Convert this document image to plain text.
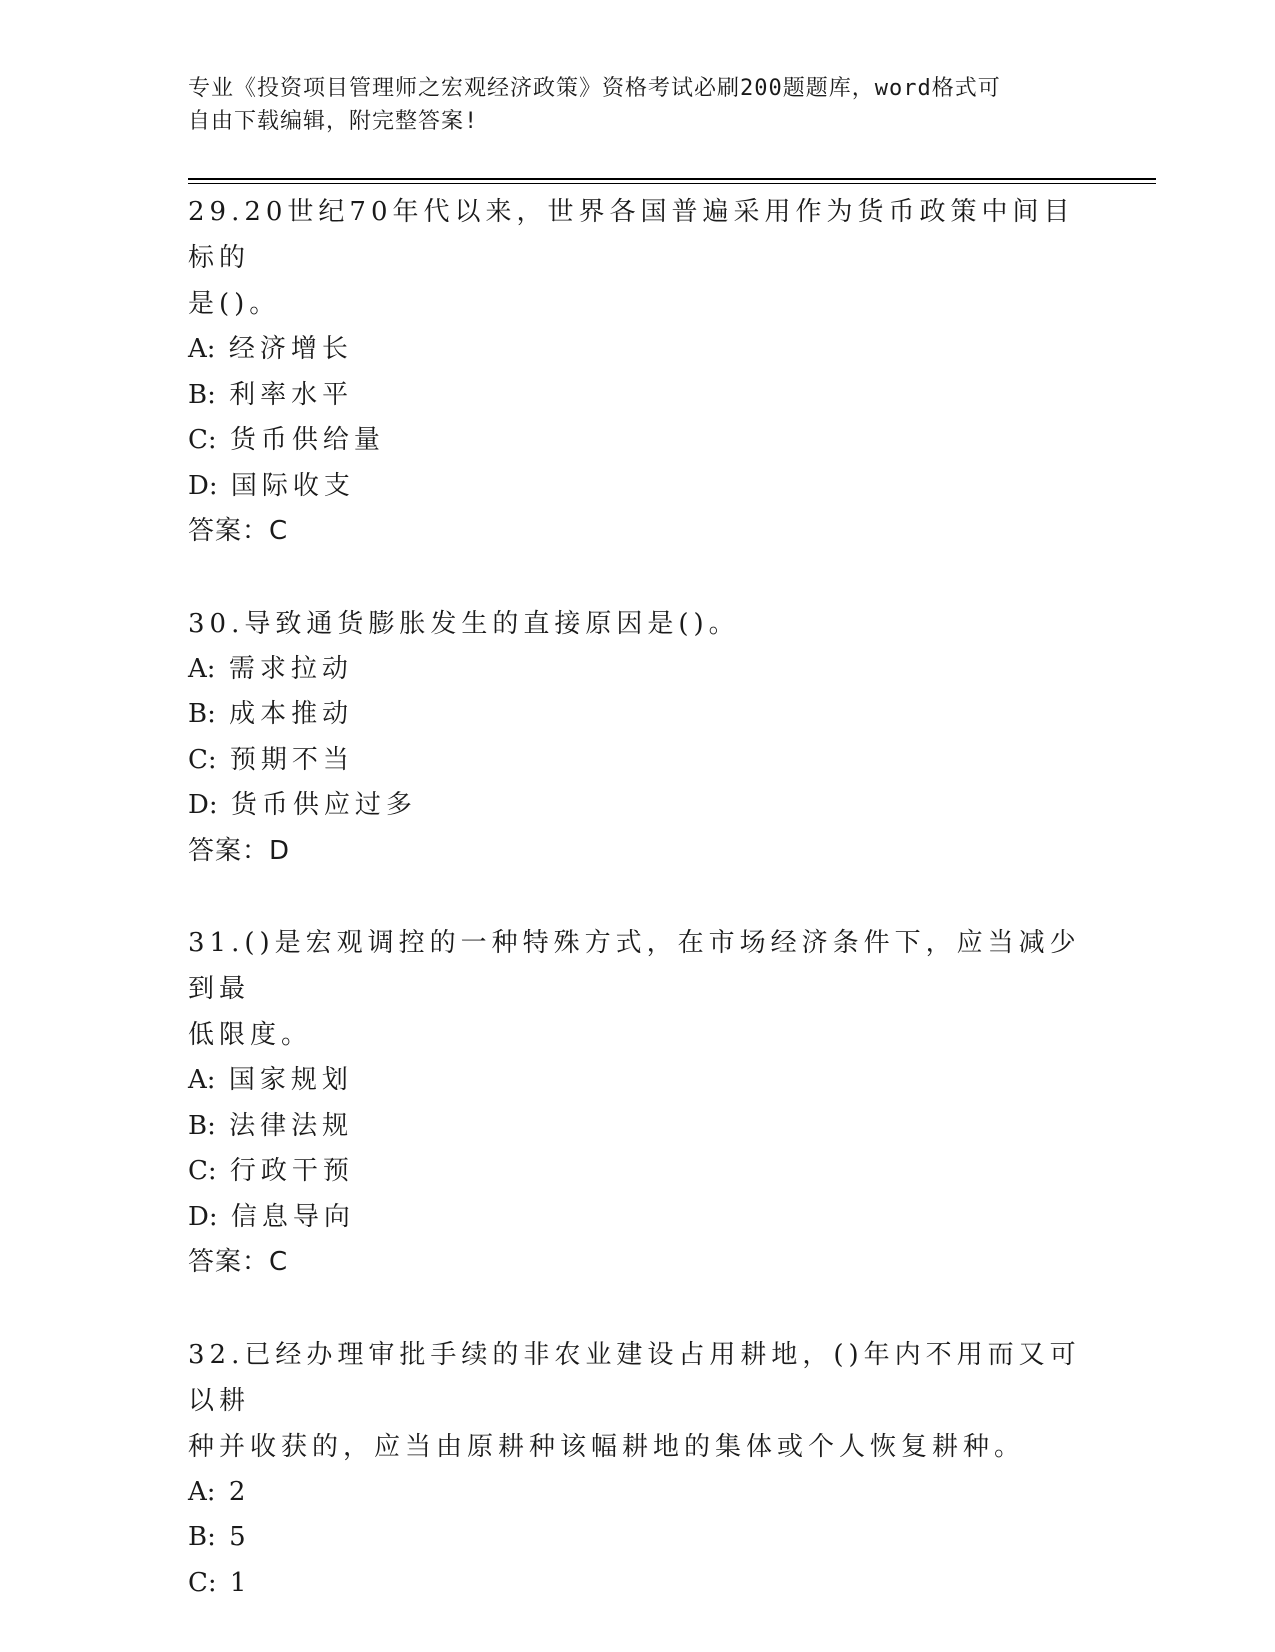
专业《投资项目管理师之宏观经济政策》资格考试必刷200题题库，word格式可
自由下载编辑，附完整答案!

29.20世纪70年代以来，世界各国普遍采用作为货币政策中间目标的
是()。

A: 经济增长

B: 利率水平

C: 货币供给量

D: 国际收支

答案：C

30.导致通货膨胀发生的直接原因是()。

A: 需求拉动

B: 成本推动

C: 预期不当

D: 货币供应过多

答案：D

31.()是宏观调控的一种特殊方式，在市场经济条件下，应当减少到最
低限度。

A: 国家规划

B: 法律法规

C: 行政干预

D: 信息导向

答案：C

32.已经办理审批手续的非农业建设占用耕地，()年内不用而又可以耕
种并收获的，应当由原耕种该幅耕地的集体或个人恢复耕种。

A: 2

B: 5

C: 1
